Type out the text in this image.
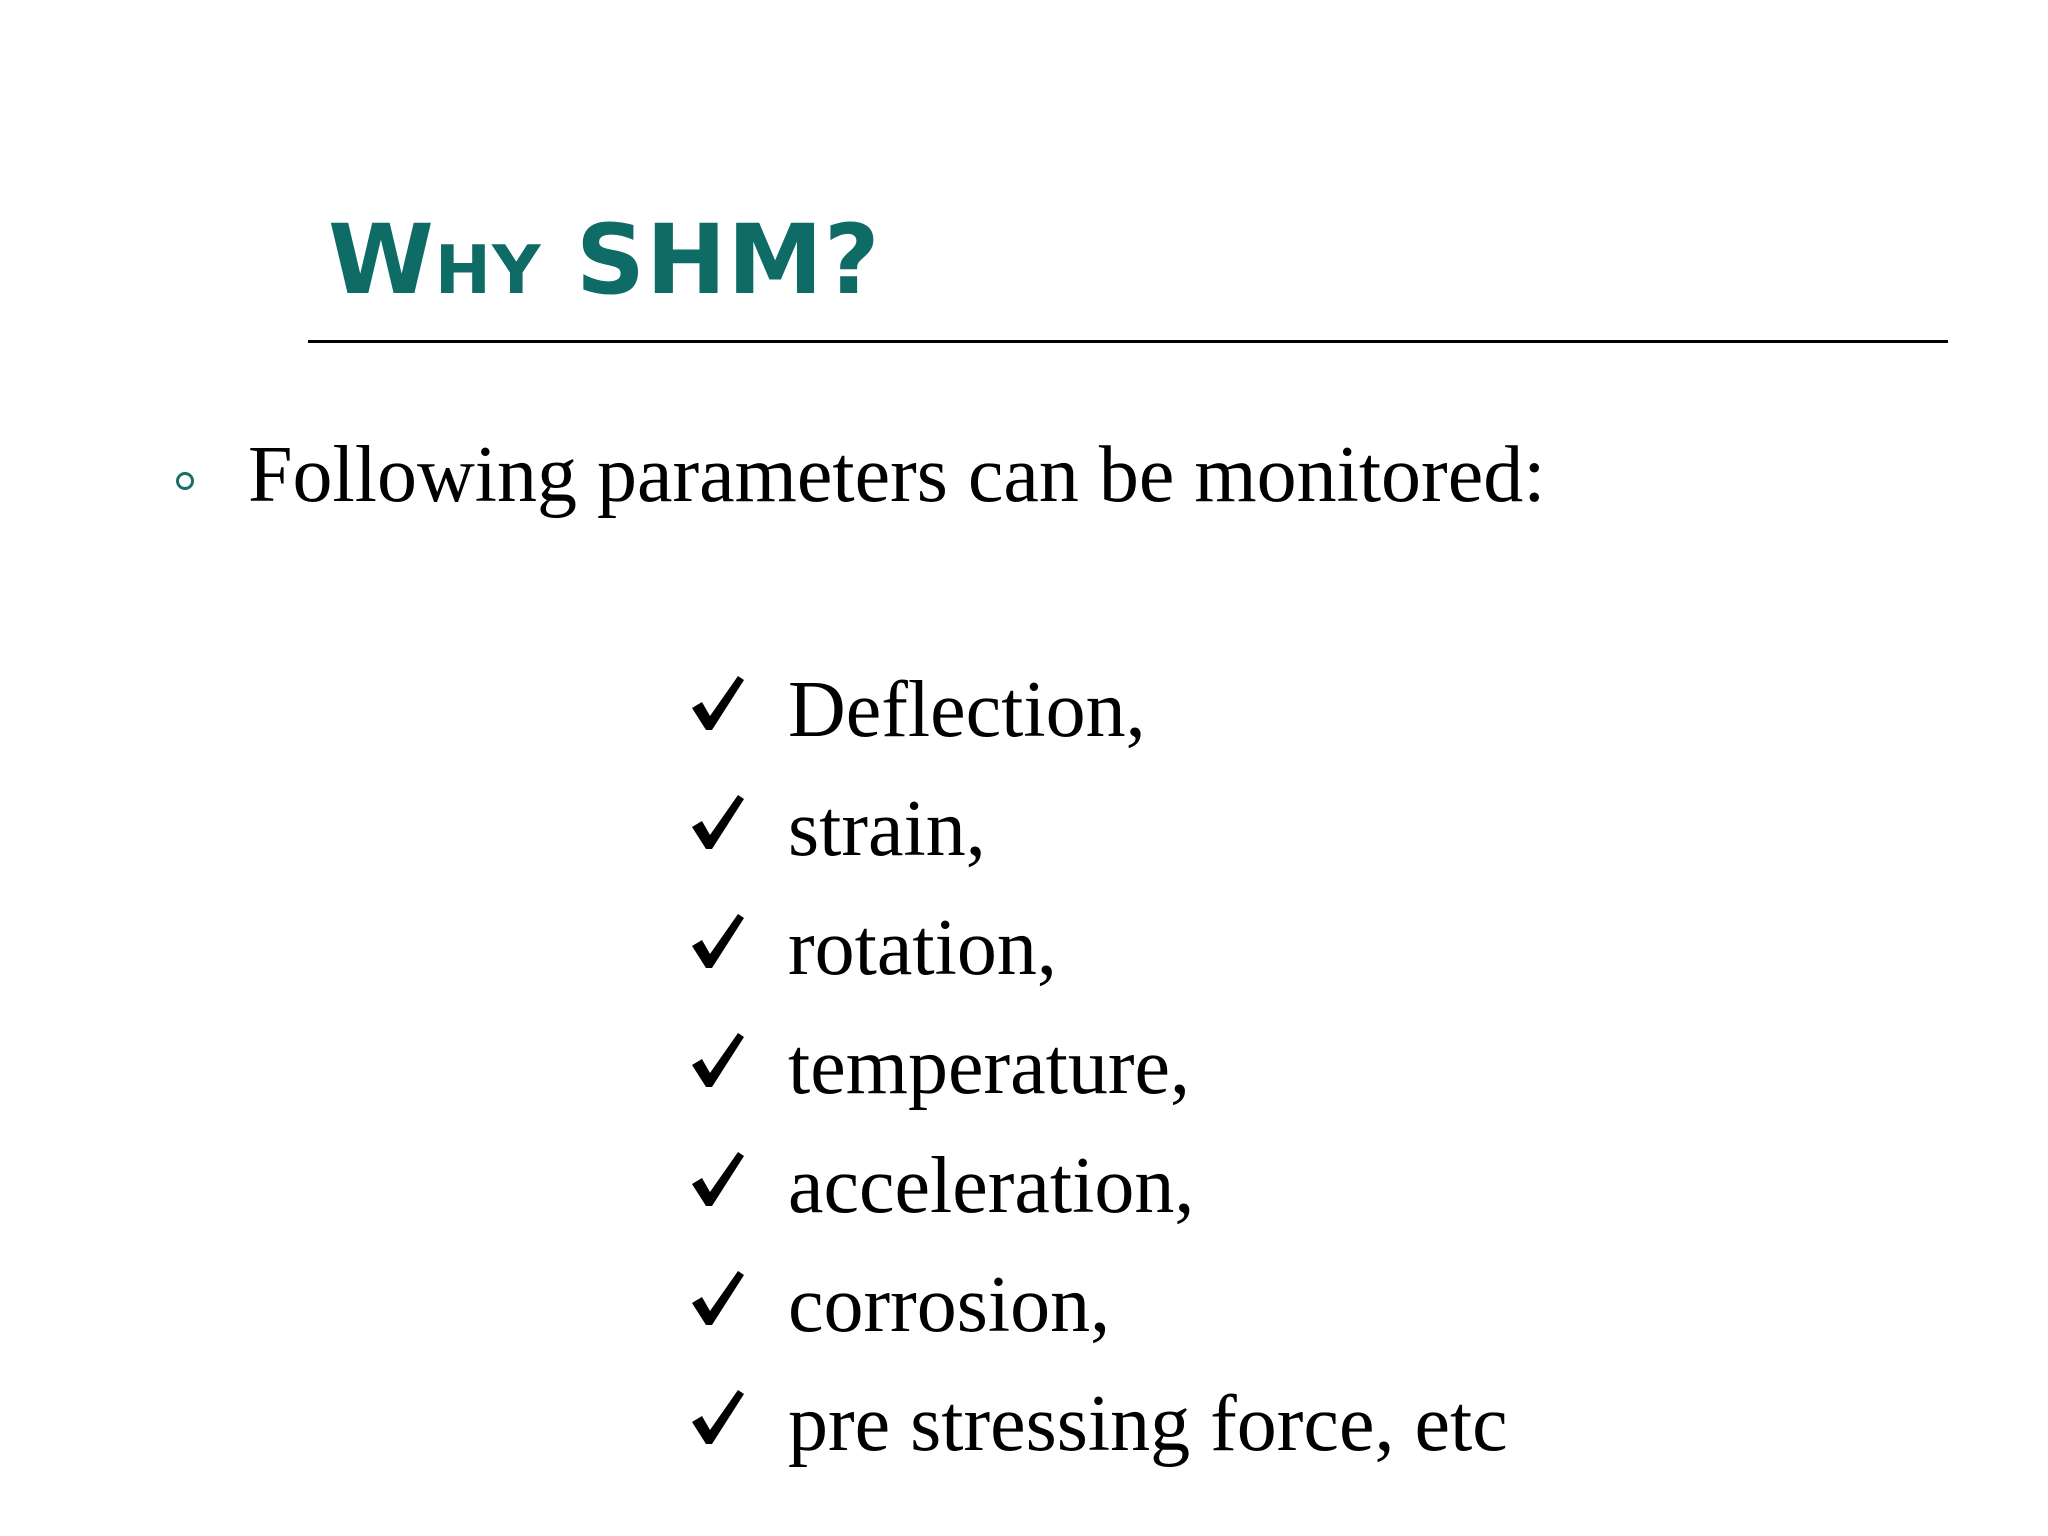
Why SHM?
Following parameters can be monitored:
Deflection,
strain,
rotation,
temperature,
acceleration,
corrosion,
pre stressing force, etc
